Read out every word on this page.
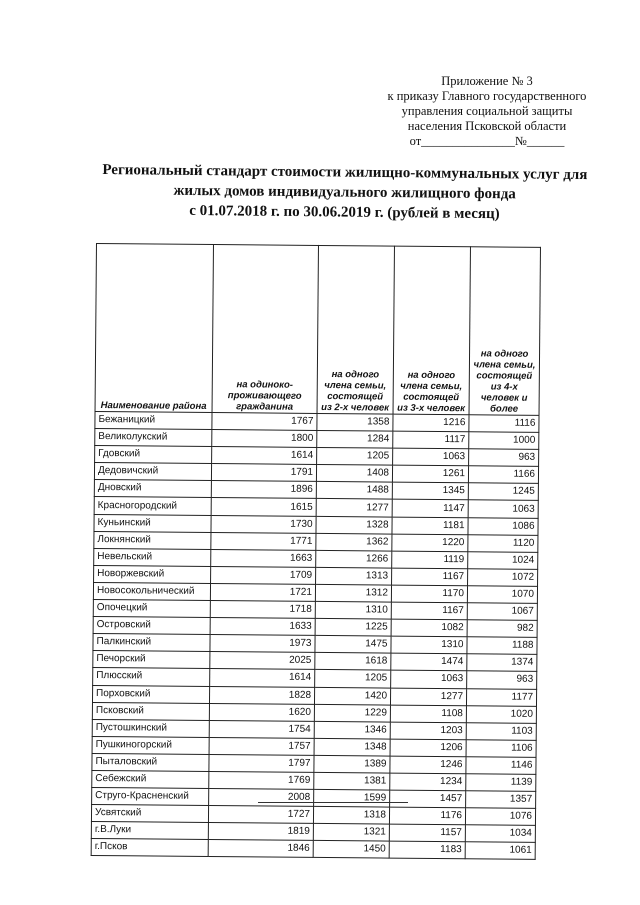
Приложение № 3
к приказу Главного государственного
управления социальной защиты
населения Псковской области
от_______________№______
Региональный стандарт стоимости жилищно-коммунальных услуг для
жилых домов индивидуального жилищного фонда
с 01.07.2018 г. по 30.06.2019 г. (рублей в месяц)
Наименование района	на одинокопроживающего гражданина	на одного члена семьи, состоящей из 2-х человек	на одного члена семьи, состоящей из 3-х человек	на одного члена семьи, состоящей из 4-х человек и более
Бежаницкий	1767	1358	1216	1116
Великолукский	1800	1284	1117	1000
Гдовский	1614	1205	1063	963
Дедовичский	1791	1408	1261	1166
Дновский	1896	1488	1345	1245
Красногородский	1615	1277	1147	1063
Куньинский	1730	1328	1181	1086
Локнянский	1771	1362	1220	1120
Невельский	1663	1266	1119	1024
Новоржевский	1709	1313	1167	1072
Новосокольнический	1721	1312	1170	1070
Опочецкий	1718	1310	1167	1067
Островский	1633	1225	1082	982
Палкинский	1973	1475	1310	1188
Печорский	2025	1618	1474	1374
Плюсский	1614	1205	1063	963
Порховский	1828	1420	1277	1177
Псковский	1620	1229	1108	1020
Пустошкинский	1754	1346	1203	1103
Пушкиногорский	1757	1348	1206	1106
Пыталовский	1797	1389	1246	1146
Себежский	1769	1381	1234	1139
Струго-Красненский	2008	1599	1457	1357
Усвятский	1727	1318	1176	1076
г.В.Луки	1819	1321	1157	1034
г.Псков	1846	1450	1183	1061
